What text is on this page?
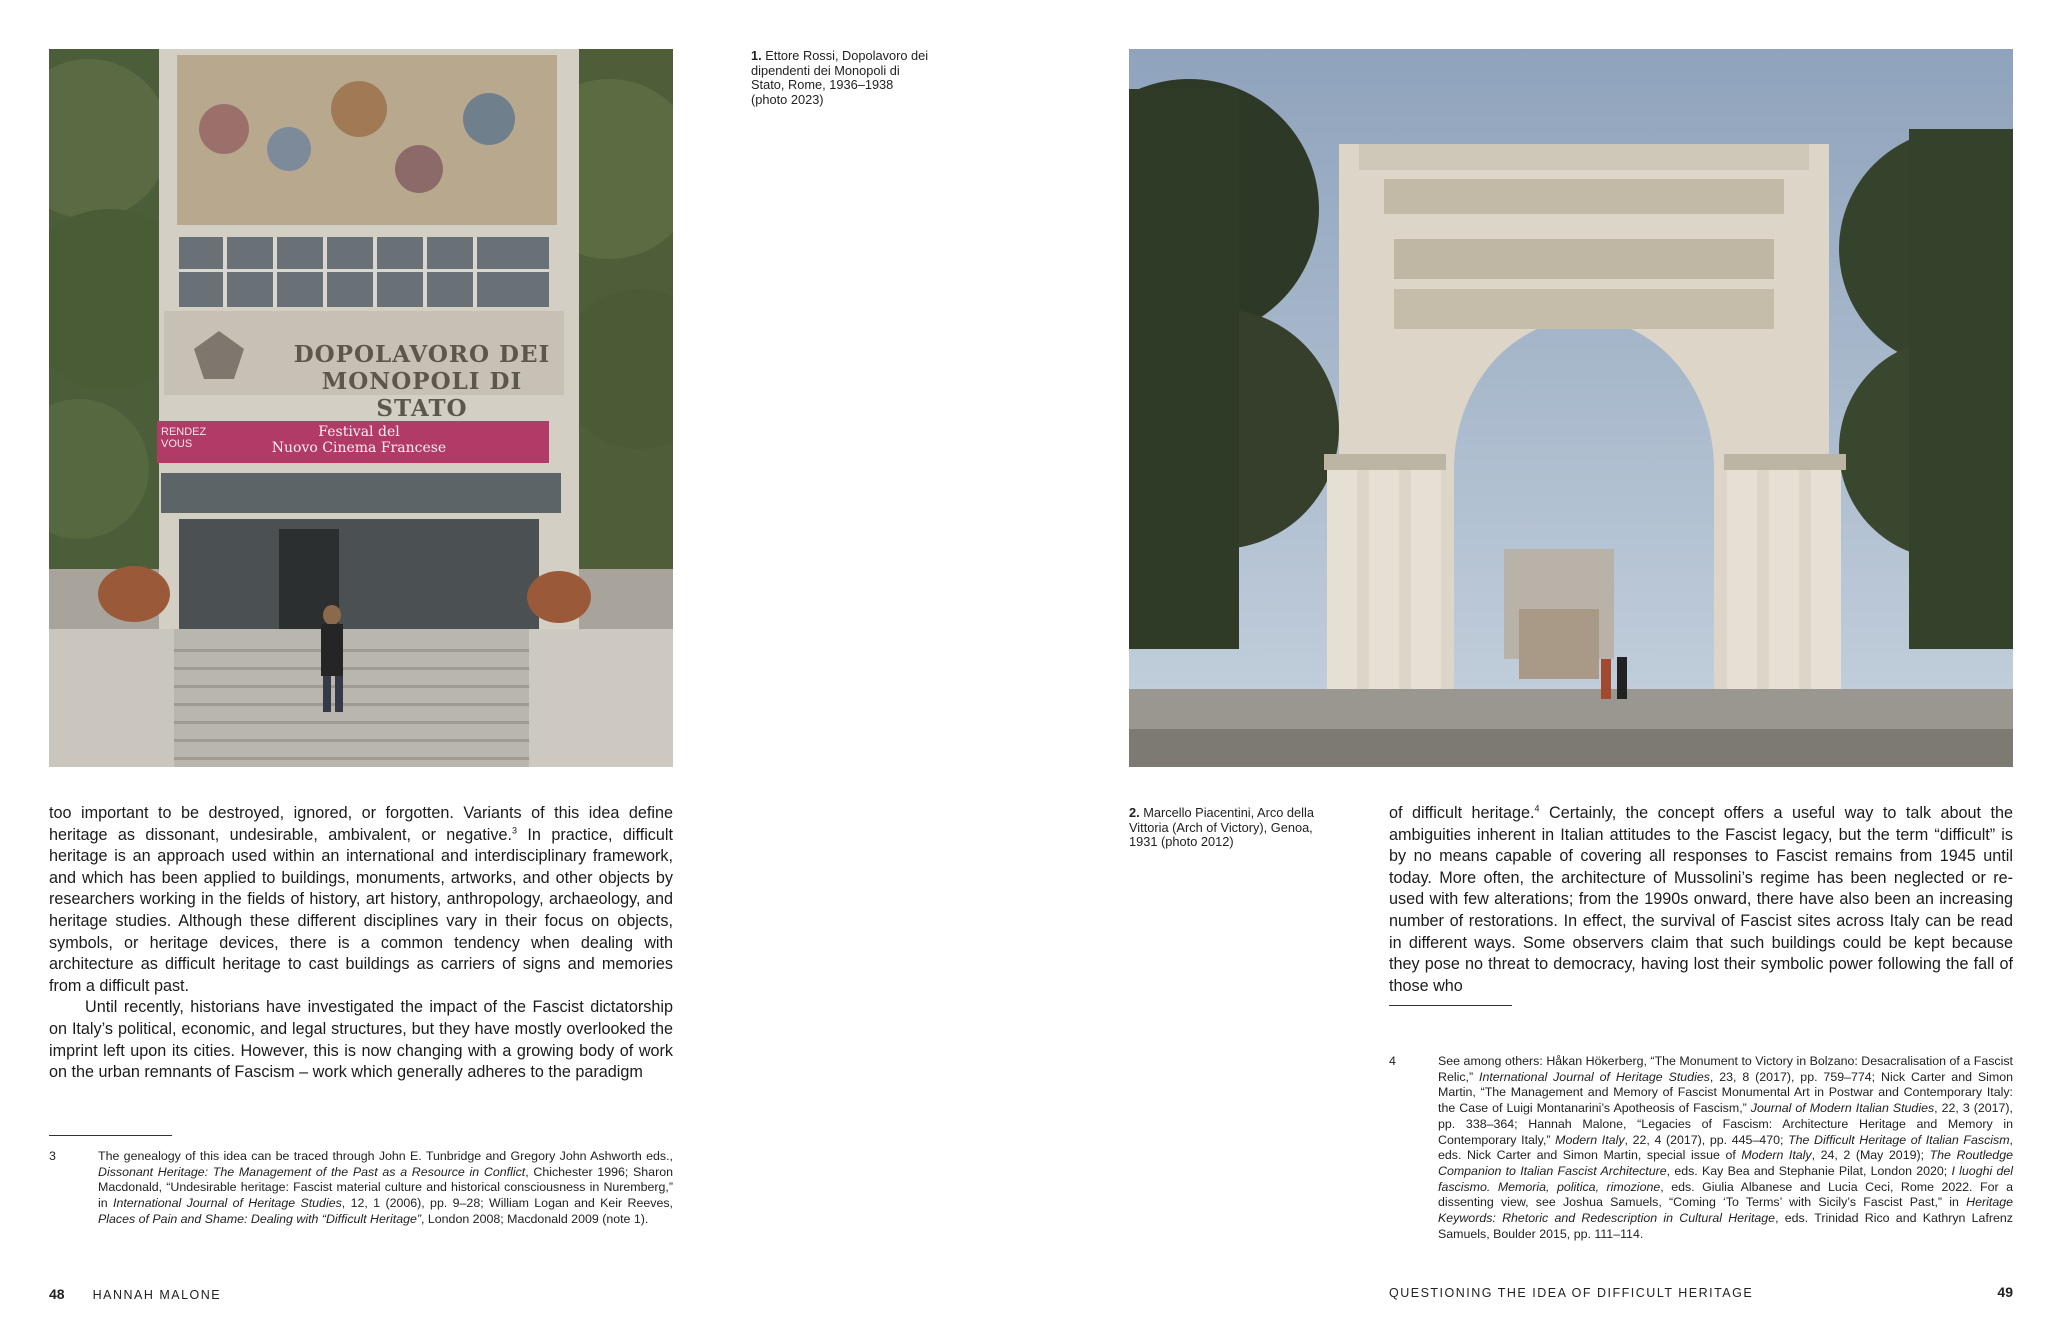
DOPOLAVORO DEI
MONOPOLI DI STATO
RENDEZ
VOUS
Festival del
Nuovo Cinema Francese
1. Ettore Rossi, Dopolavoro dei dipendenti dei Monopoli di Stato, Rome, 1936–1938 (photo 2023)
2. Marcello Piacentini, Arco della Vittoria (Arch of Victory), Genoa, 1931 (photo 2012)

too important to be destroyed, ignored, or forgotten. Variants of this idea define heritage as dissonant, undesirable, ambivalent, or negative.$^3$ In practice, difficult heritage is an approach used within an international and interdisciplinary framework, and which has been applied to buildings, monuments, artworks, and other objects by researchers working in the fields of history, art history, anthropology, archaeology, and heritage studies. Although these different disciplines vary in their focus on objects, symbols, or heritage devices, there is a common tendency when dealing with architecture as difficult heritage to cast buildings as carriers of signs and memories from a difficult past.

Until recently, historians have investigated the impact of the Fascist dictatorship on Italy’s political, economic, and legal structures, but they have mostly overlooked the imprint left upon its cities. However, this is now changing with a growing body of work on the urban remnants of Fascism – work which generally adheres to the paradigm

of difficult heritage.$^4$ Certainly, the concept offers a useful way to talk about the ambiguities inherent in Italian attitudes to the Fascist legacy, but the term “difficult” is by no means capable of covering all responses to Fascist remains from 1945 until today. More often, the architecture of Mussolini’s regime has been neglected or re-used with few alterations; from the 1990s onward, there have also been an increasing number of restorations. In effect, the survival of Fascist sites across Italy can be read in different ways. Some observers claim that such buildings could be kept because they pose no threat to democracy, having lost their symbolic power following the fall of those who

3	The genealogy of this idea can be traced through John E. Tunbridge and Gregory John Ashworth eds., Dissonant Heritage: The Management of the Past as a Resource in Conflict, Chichester 1996; Sharon Macdonald, “Undesirable heritage: Fascist material culture and historical consciousness in Nuremberg,” in International Journal of Heritage Studies, 12, 1 (2006), pp. 9–28; William Logan and Keir Reeves, Places of Pain and Shame: Dealing with “Difficult Heritage”, London 2008; Macdonald 2009 (note 1).
4	See among others: Håkan Hökerberg, “The Monument to Victory in Bolzano: Desacralisation of a Fascist Relic,” International Journal of Heritage Studies, 23, 8 (2017), pp. 759–774; Nick Carter and Simon Martin, “The Management and Memory of Fascist Monumental Art in Postwar and Contemporary Italy: the Case of Luigi Montanarini’s Apotheosis of Fascism,” Journal of Modern Italian Studies, 22, 3 (2017), pp. 338–364; Hannah Malone, “Legacies of Fascism: Architecture Heritage and Memory in Contemporary Italy,” Modern Italy, 22, 4 (2017), pp. 445–470; The Difficult Heritage of Italian Fascism, eds. Nick Carter and Simon Martin, special issue of Modern Italy, 24, 2 (May 2019); The Routledge Companion to Italian Fascist Architecture, eds. Kay Bea and Stephanie Pilat, London 2020; I luoghi del fascismo. Memoria, politica, rimozione, eds. Giulia Albanese and Lucia Ceci, Rome 2022. For a dissenting view, see Joshua Samuels, “Coming ‘To Terms’ with Sicily’s Fascist Past,” in Heritage Keywords: Rhetoric and Redescription in Cultural Heritage, eds. Trinidad Rico and Kathryn Lafrenz Samuels, Boulder 2015, pp. 111–114.
48 HANNAH MALONE	QUESTIONING THE IDEA OF DIFFICULT HERITAGE	49
